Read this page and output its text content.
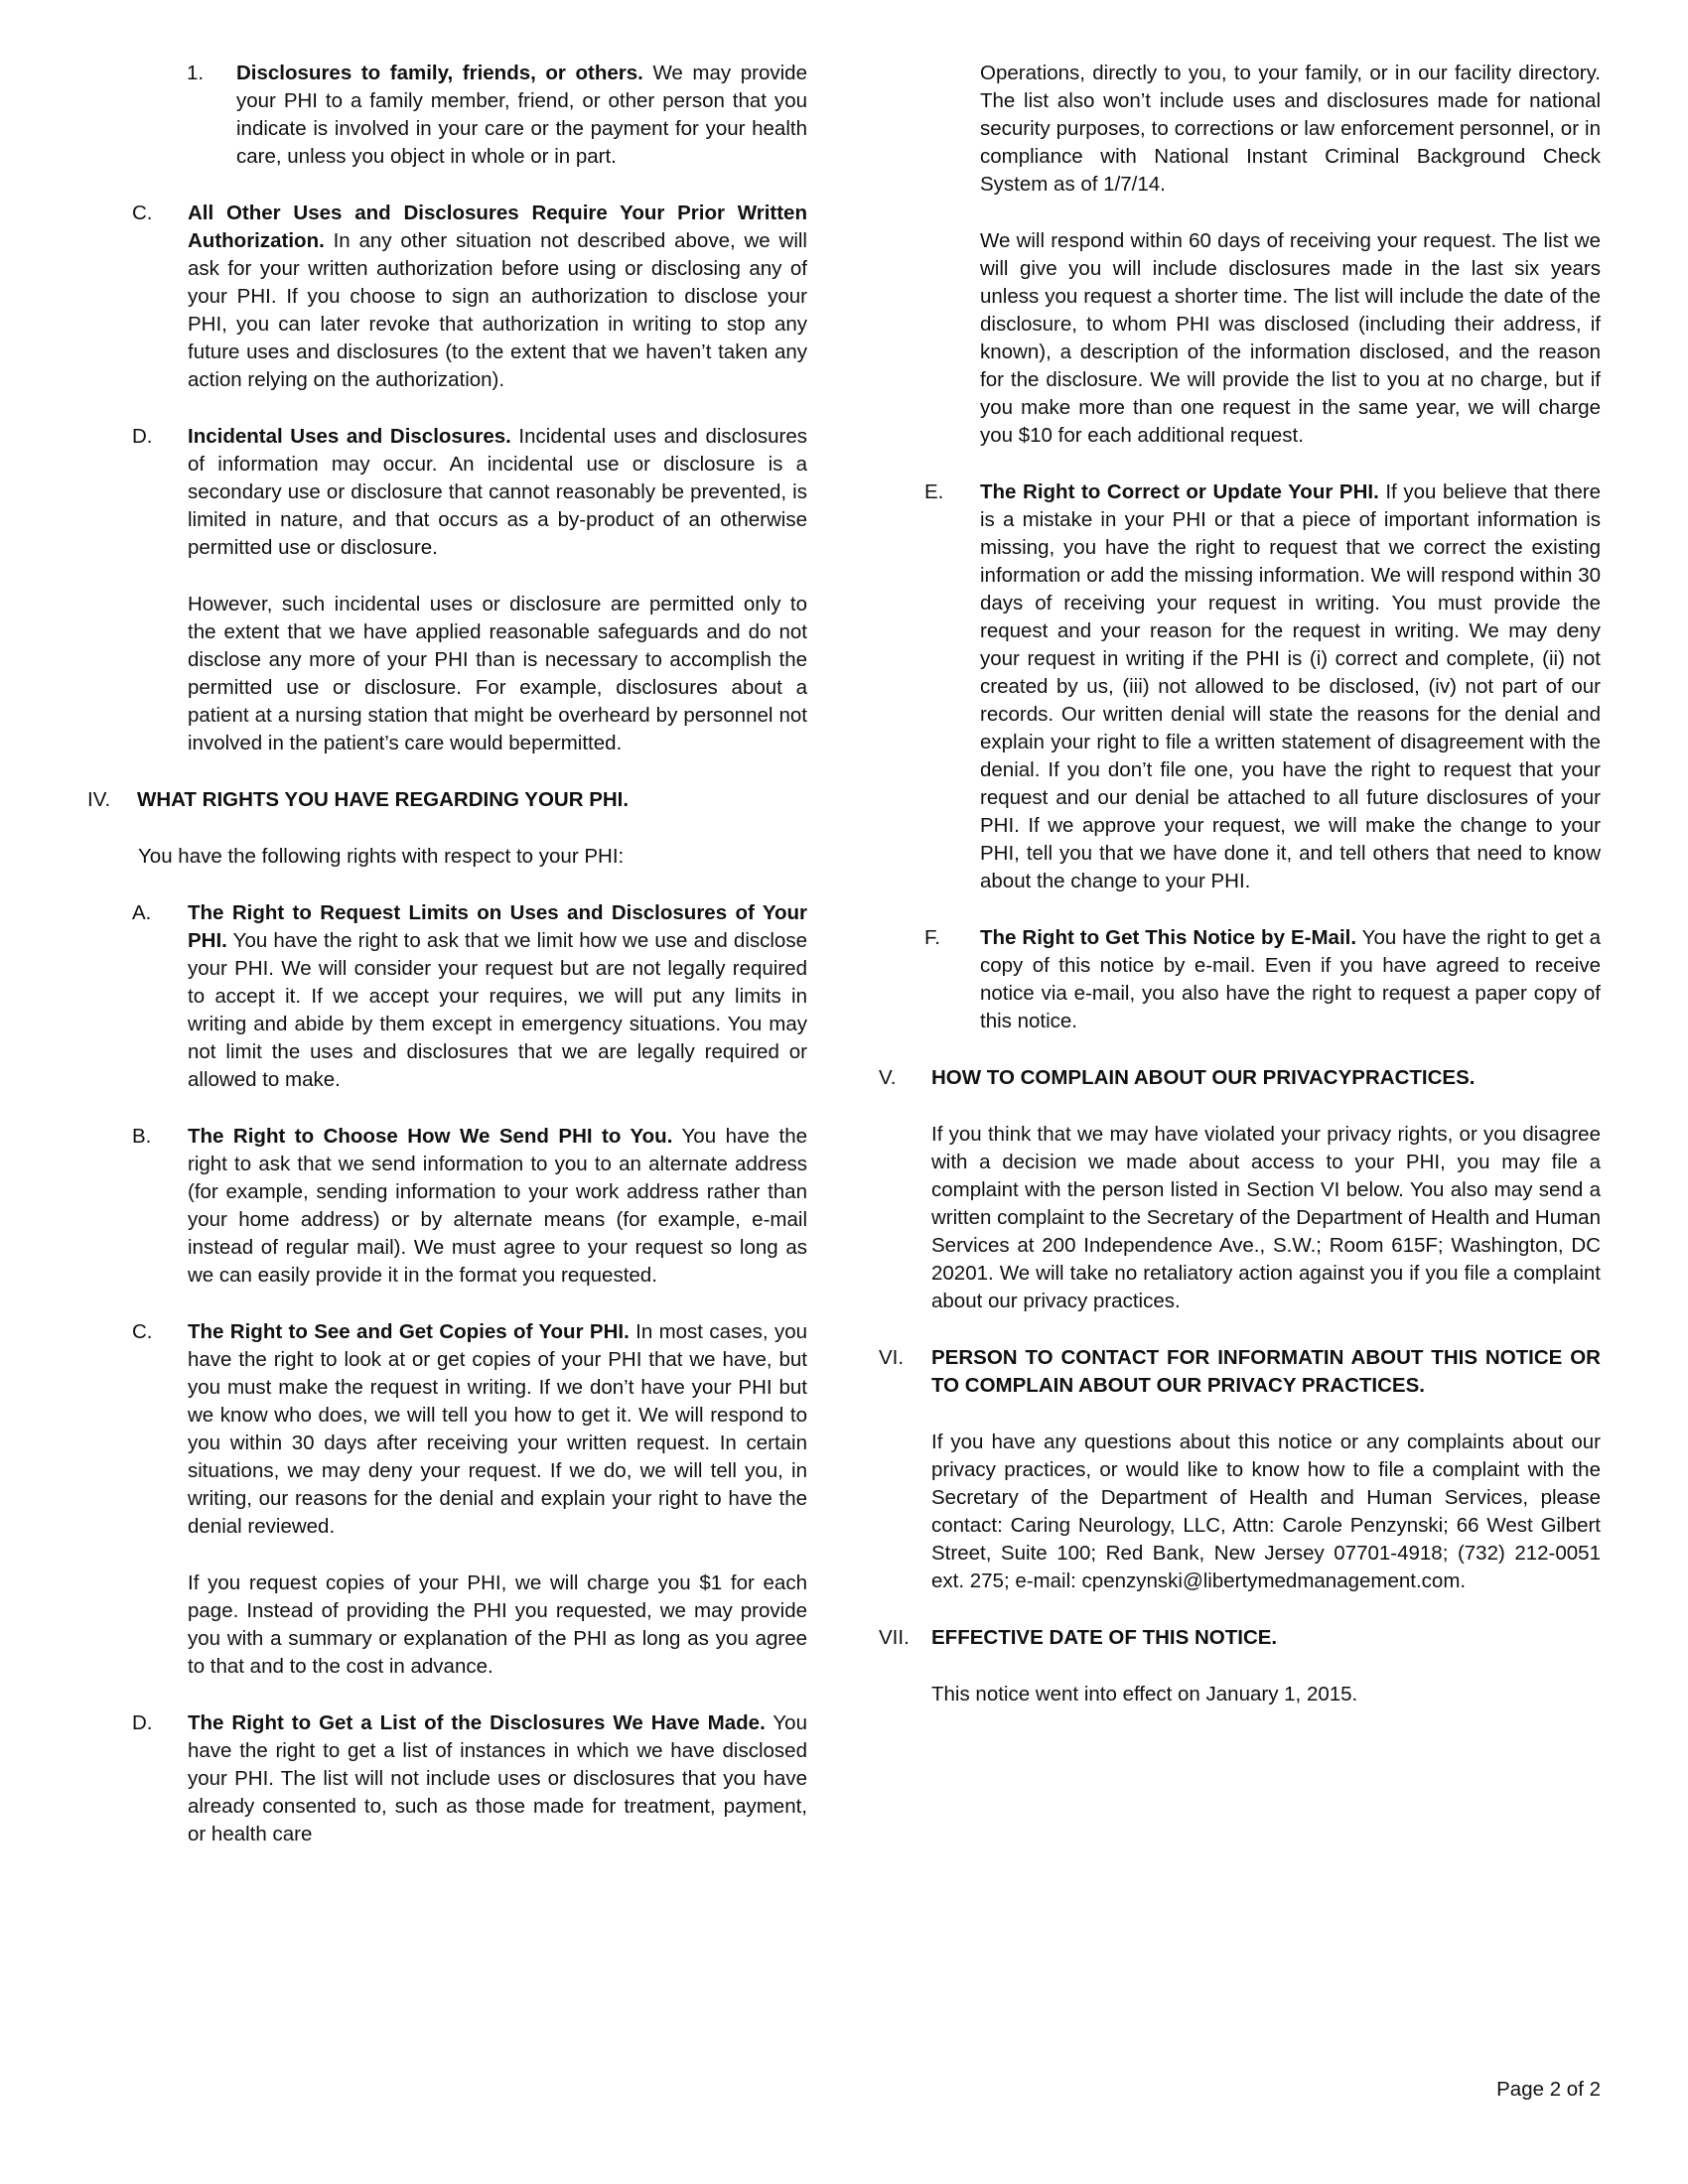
1.	Disclosures to family, friends, or others. We may provide your PHI to a family member, friend, or other person that you indicate is involved in your care or the payment for your health care, unless you object in whole or in part.
C.	All Other Uses and Disclosures Require Your Prior Written Authorization. In any other situation not described above, we will ask for your written authorization before using or disclosing any of your PHI. If you choose to sign an authorization to disclose your PHI, you can later revoke that authorization in writing to stop any future uses and disclosures (to the extent that we haven’t taken any action relying on the authorization).
D.	Incidental Uses and Disclosures. Incidental uses and disclosures of information may occur. An incidental use or disclosure is a secondary use or disclosure that cannot reasonably be prevented, is limited in nature, and that occurs as a by-product of an otherwise permitted use or disclosure.
However, such incidental uses or disclosure are permitted only to the extent that we have applied reasonable safeguards and do not disclose any more of your PHI than is necessary to accomplish the permitted use or disclosure. For example, disclosures about a patient at a nursing station that might be overheard by personnel not involved in the patient’s care would bepermitted.
IV.	WHAT RIGHTS YOU HAVE REGARDING YOUR PHI.
You have the following rights with respect to your PHI:
A.	The Right to Request Limits on Uses and Disclosures of Your PHI. You have the right to ask that we limit how we use and disclose your PHI. We will consider your request but are not legally required to accept it. If we accept your requires, we will put any limits in writing and abide by them except in emergency situations. You may not limit the uses and disclosures that we are legally required or allowed to make.
B.	The Right to Choose How We Send PHI to You. You have the right to ask that we send information to you to an alternate address (for example, sending information to your work address rather than your home address) or by alternate means (for example, e-mail instead of regular mail). We must agree to your request so long as we can easily provide it in the format you requested.
C.	The Right to See and Get Copies of Your PHI. In most cases, you have the right to look at or get copies of your PHI that we have, but you must make the request in writing. If we don’t have your PHI but we know who does, we will tell you how to get it. We will respond to you within 30 days after receiving your written request. In certain situations, we may deny your request. If we do, we will tell you, in writing, our reasons for the denial and explain your right to have the denial reviewed.
If you request copies of your PHI, we will charge you $1 for each page. Instead of providing the PHI you requested, we may provide you with a summary or explanation of the PHI as long as you agree to that and to the cost in advance.
D.	The Right to Get a List of the Disclosures We Have Made. You have the right to get a list of instances in which we have disclosed your PHI. The list will not include uses or disclosures that you have already consented to, such as those made for treatment, payment, or health care
Operations, directly to you, to your family, or in our facility directory. The list also won’t include uses and disclosures made for national security purposes, to corrections or law enforcement personnel, or in compliance with National Instant Criminal Background Check System as of 1/7/14.
We will respond within 60 days of receiving your request. The list we will give you will include disclosures made in the last six years unless you request a shorter time. The list will include the date of the disclosure, to whom PHI was disclosed (including their address, if known), a description of the information disclosed, and the reason for the disclosure. We will provide the list to you at no charge, but if you make more than one request in the same year, we will charge you $10 for each additional request.
E.	The Right to Correct or Update Your PHI. If you believe that there is a mistake in your PHI or that a piece of important information is missing, you have the right to request that we correct the existing information or add the missing information. We will respond within 30 days of receiving your request in writing. You must provide the request and your reason for the request in writing. We may deny your request in writing if the PHI is (i) correct and complete, (ii) not created by us, (iii) not allowed to be disclosed, (iv) not part of our records. Our written denial will state the reasons for the denial and explain your right to file a written statement of disagreement with the denial. If you don’t file one, you have the right to request that your request and our denial be attached to all future disclosures of your PHI. If we approve your request, we will make the change to your PHI, tell you that we have done it, and tell others that need to know about the change to your PHI.
F.	The Right to Get This Notice by E-Mail. You have the right to get a copy of this notice by e-mail. Even if you have agreed to receive notice via e-mail, you also have the right to request a paper copy of this notice.
V.	HOW TO COMPLAIN ABOUT OUR PRIVACYPRACTICES.
If you think that we may have violated your privacy rights, or you disagree with a decision we made about access to your PHI, you may file a complaint with the person listed in Section VI below. You also may send a written complaint to the Secretary of the Department of Health and Human Services at 200 Independence Ave., S.W.; Room 615F; Washington, DC 20201. We will take no retaliatory action against you if you file a complaint about our privacy practices.
VI.	PERSON TO CONTACT FOR INFORMATIN ABOUT THIS NOTICE OR TO COMPLAIN ABOUT OUR PRIVACY PRACTICES.
If you have any questions about this notice or any complaints about our privacy practices, or would like to know how to file a complaint with the Secretary of the Department of Health and Human Services, please contact: Caring Neurology, LLC, Attn: Carole Penzynski; 66 West Gilbert Street, Suite 100; Red Bank, New Jersey 07701-4918; (732) 212-0051 ext. 275; e-mail: cpenzynski@libertymedmanagement.com.
VII.	EFFECTIVE DATE OF THIS NOTICE.
This notice went into effect on January 1, 2015.
Page 2 of 2
